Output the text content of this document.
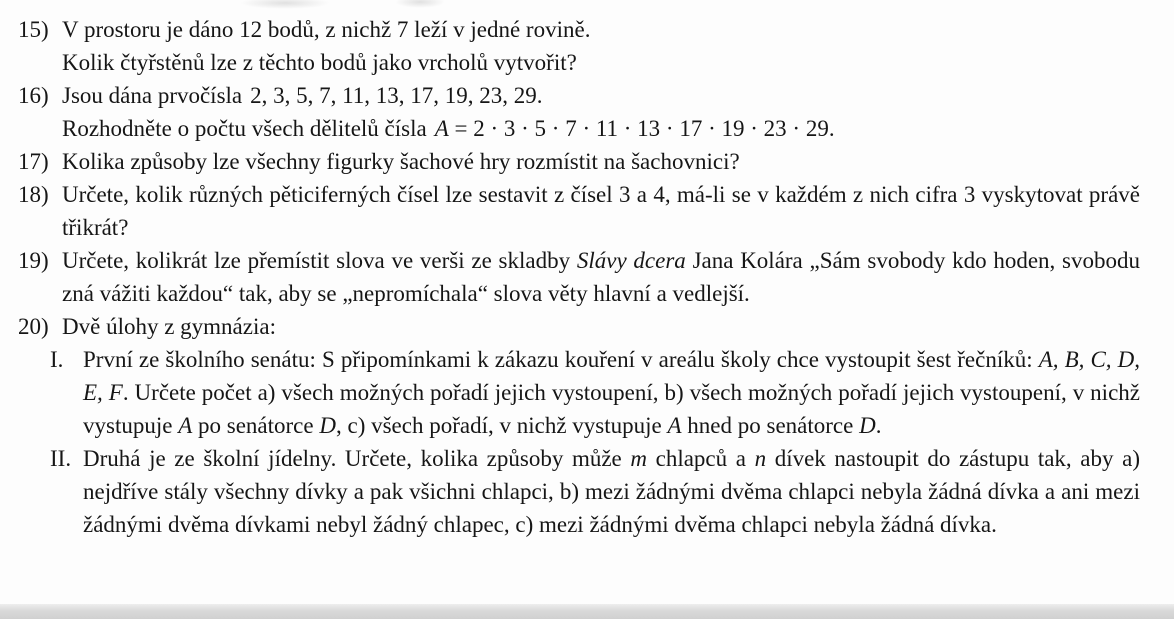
15) V prostoru je dáno 12 bodů, z nichž 7 leží v jedné rovině.
Kolik čtyřstěnů lze z těchto bodů jako vrcholů vytvořit?
16) Jsou dána prvočísla 2, 3, 5, 7, 11, 13, 17, 19, 23, 29.
Rozhodněte o počtu všech dělitelů čísla A = 2 · 3 · 5 · 7 · 11 · 13 · 17 · 19 · 23 · 29.
17) Kolika způsoby lze všechny figurky šachové hry rozmístit na šachovnici?
18) Určete, kolik různých pěticiferných čísel lze sestavit z čísel 3 a 4, má-li se v každém z nich cifra 3 vyskytovat právě třikrát?
19) Určete, kolikrát lze přemístit slova ve verši ze skladby Slávy dcera Jana Kolára „Sám svobody kdo hoden, svobodu zná vážiti každou“ tak, aby se „nepromíchala“ slova věty hlavní a vedlejší.
20) Dvě úlohy z gymnázia:
I. První ze školního senátu: S připomínkami k zákazu kouření v areálu školy chce vystoupit šest řečníků: A, B, C, D, E, F. Určete počet a) všech možných pořadí jejich vystoupení, b) všech možných pořadí jejich vystoupení, v nichž vystupuje A po senátorce D, c) všech pořadí, v nichž vystupuje A hned po senátorce D.
II. Druhá je ze školní jídelny. Určete, kolika způsoby může m chlapců a n dívek nastoupit do zástupu tak, aby a) nejdříve stály všechny dívky a pak všichni chlapci, b) mezi žádnými dvěma chlapci nebyla žádná dívka a ani mezi žádnými dvěma dívkami nebyl žádný chlapec, c) mezi žádnými dvěma chlapci nebyla žádná dívka.
